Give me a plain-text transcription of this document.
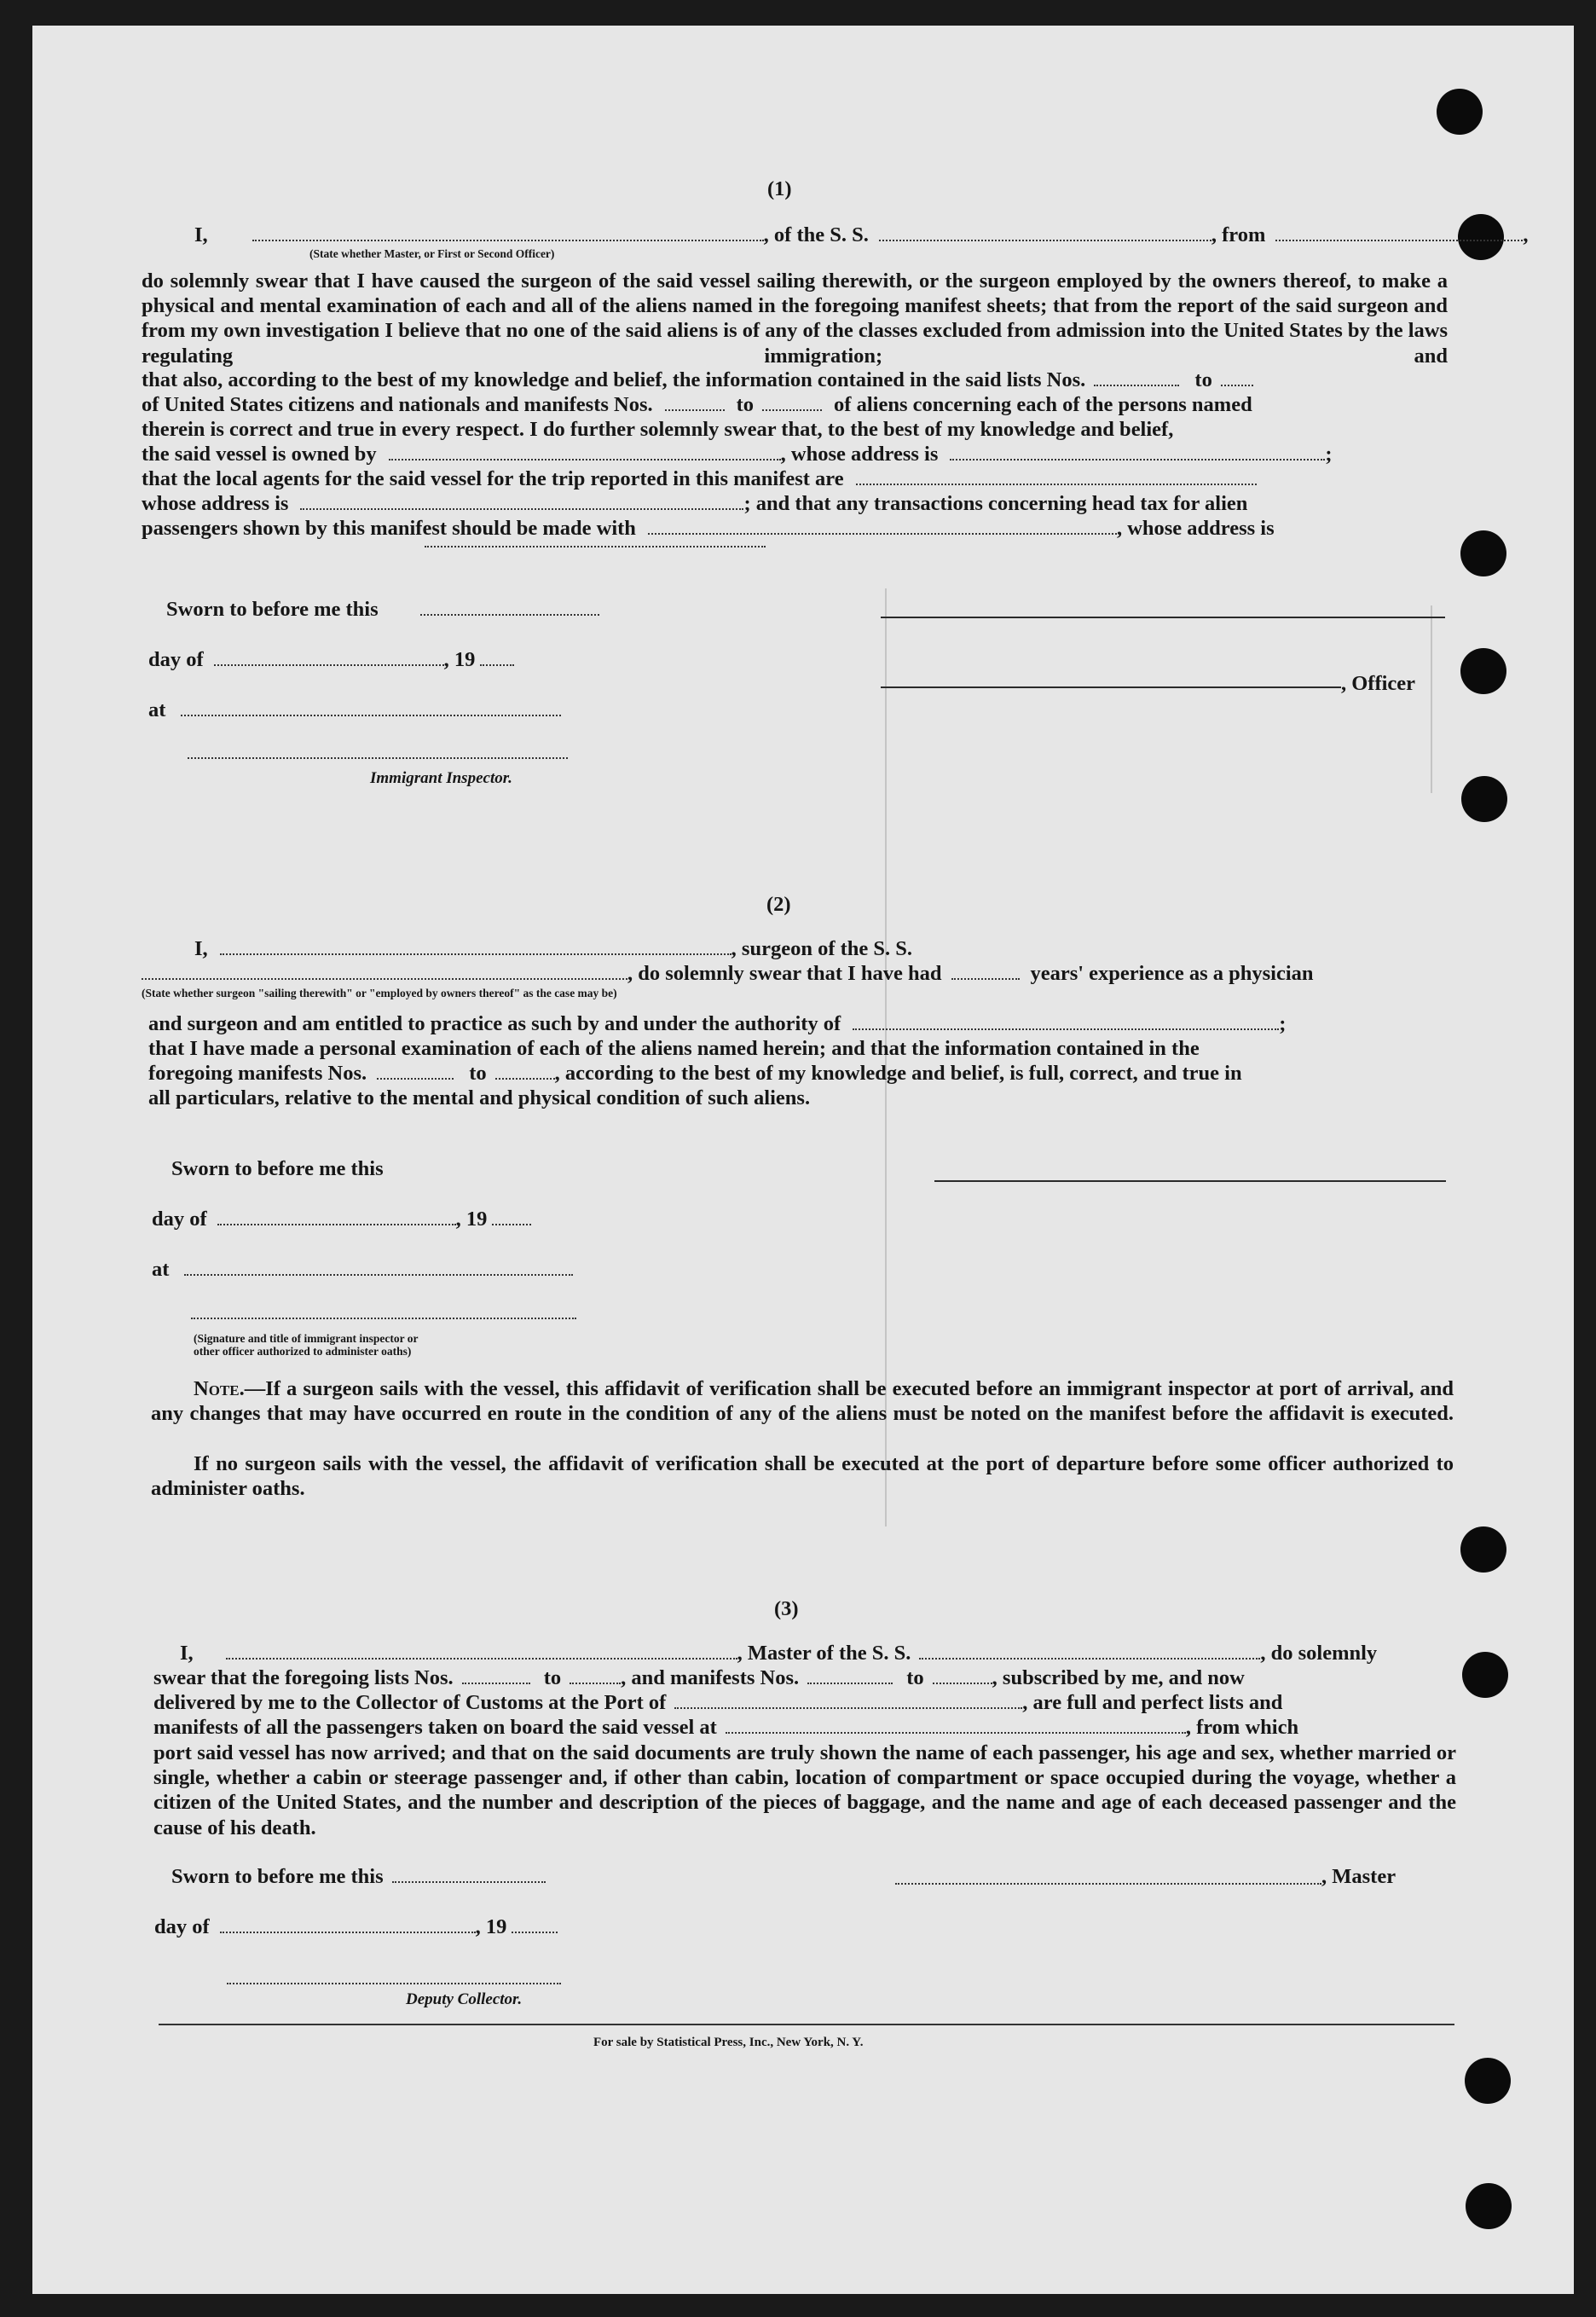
(1)
I,	, of the S. S.	, from	,
(State whether Master, or First or Second Officer)
do solemnly swear that I have caused the surgeon of the said vessel sailing therewith, or the surgeon employed by the owners thereof, to make a physical and mental examination of each and all of the aliens named in the foregoing manifest sheets; that from the report of the said surgeon and from my own investigation I believe that no one of the said aliens is of any of the classes excluded from admission into the United States by the laws regulating immigration; and
that also, according to the best of my knowledge and belief, the information contained in the said lists Nos.	to
of United States citizens and nationals and manifests Nos.	to	of aliens concerning each of the persons named
therein is correct and true in every respect. I do further solemnly swear that, to the best of my knowledge and belief,
the said vessel is owned by	, whose address is	;
that the local agents for the said vessel for the trip reported in this manifest are
whose address is	; and that any transactions concerning head tax for alien
passengers shown by this manifest should be made with	, whose address is
Sworn to before me this
day of	, 19
, Officer
at
Immigrant Inspector.
(2)
I,	, surgeon of the S. S.
, do solemnly swear that I have had	years' experience as a physician
(State whether surgeon "sailing therewith" or "employed by owners thereof" as the case may be)
and surgeon and am entitled to practice as such by and under the authority of	;
that I have made a personal examination of each of the aliens named herein; and that the information contained in the
foregoing manifests Nos.	to	, according to the best of my knowledge and belief, is full, correct, and true in
all particulars, relative to the mental and physical condition of such aliens.
Sworn to before me this
day of	, 19
at
(Signature and title of immigrant inspector or
other officer authorized to administer oaths)
Note.—If a surgeon sails with the vessel, this affidavit of verification shall be executed before an immigrant inspector at port of arrival, and any changes that may have occurred en route in the condition of any of the aliens must be noted on the manifest before the affidavit is executed.
If no surgeon sails with the vessel, the affidavit of verification shall be executed at the port of departure before some officer authorized to administer oaths.
(3)
I,	, Master of the S. S.	, do solemnly
swear that the foregoing lists Nos.	to	, and manifests Nos.	to	, subscribed by me, and now
delivered by me to the Collector of Customs at the Port of	, are full and perfect lists and
manifests of all the passengers taken on board the said vessel at	, from which
port said vessel has now arrived; and that on the said documents are truly shown the name of each passenger, his age and sex, whether married or single, whether a cabin or steerage passenger and, if other than cabin, location of compartment or space occupied during the voyage, whether a citizen of the United States, and the number and description of the pieces of baggage, and the name and age of each deceased passenger and the cause of his death.
Sworn to before me this	, Master
day of	, 19
Deputy Collector.
For sale by Statistical Press, Inc., New York, N. Y.
